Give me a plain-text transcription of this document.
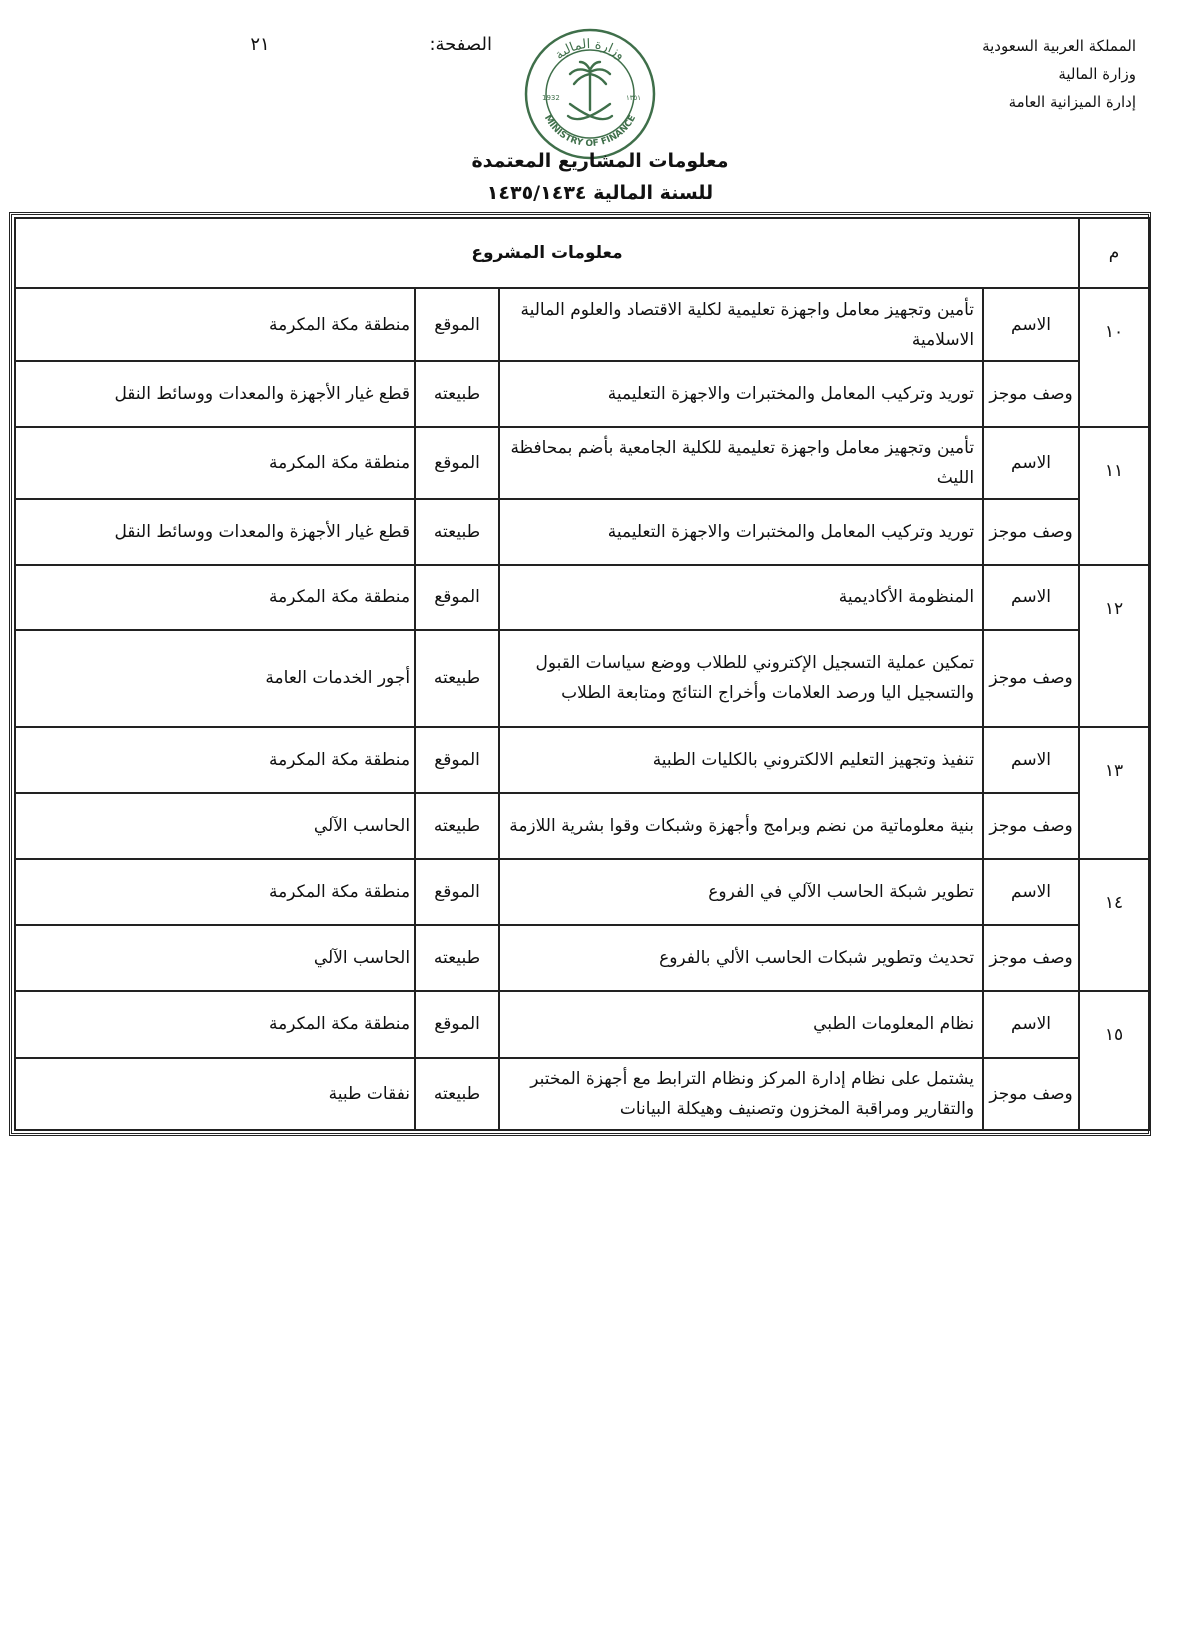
المملكة العربية السعودية
وزارة المالية
إدارة الميزانية العامة
الصفحة:
٢١	وزارة المالية
MINISTRY OF FINANCE
1932	١٣٥١
معلومات المشاريع المعتمدة
للسنة المالية ١٤٣٥/١٤٣٤
م	معلومات المشروع			
١٠	الاسم	تأمين وتجهيز معامل واجهزة تعليمية لكلية الاقتصاد والعلوم المالية الاسلامية	الموقع	منطقة مكة المكرمة
	وصف موجز	توريد وتركيب المعامل والمختبرات والاجهزة التعليمية	طبيعته	قطع غيار الأجهزة والمعدات ووسائط النقل
١١	الاسم	تأمين وتجهيز معامل واجهزة تعليمية للكلية الجامعية بأضم بمحافظة الليث	الموقع	منطقة مكة المكرمة
	وصف موجز	توريد وتركيب المعامل والمختبرات والاجهزة التعليمية	طبيعته	قطع غيار الأجهزة والمعدات ووسائط النقل
١٢	الاسم	المنظومة الأكاديمية	الموقع	منطقة مكة المكرمة
	وصف موجز	تمكين عملية التسجيل الإكتروني للطلاب ووضع سياسات القبول والتسجيل اليا ورصد العلامات وأخراج النتائج ومتابعة الطلاب	طبيعته	أجور الخدمات العامة
١٣	الاسم	تنفيذ وتجهيز التعليم الالكتروني بالكليات الطبية	الموقع	منطقة مكة المكرمة
	وصف موجز	بنية معلوماتية من نضم وبرامج وأجهزة وشبكات وقوا بشرية اللازمة	طبيعته	الحاسب الآلي
١٤	الاسم	تطوير شبكة الحاسب الآلي في الفروع	الموقع	منطقة مكة المكرمة
	وصف موجز	تحديث وتطوير شبكات الحاسب الألي بالفروع	طبيعته	الحاسب الآلي
١٥	الاسم	نظام المعلومات الطبي	الموقع	منطقة مكة المكرمة
	وصف موجز	يشتمل على نظام إدارة المركز ونظام الترابط مع أجهزة المختبر والتقارير ومراقبة المخزون وتصنيف وهيكلة البيانات	طبيعته	نفقات طبية
